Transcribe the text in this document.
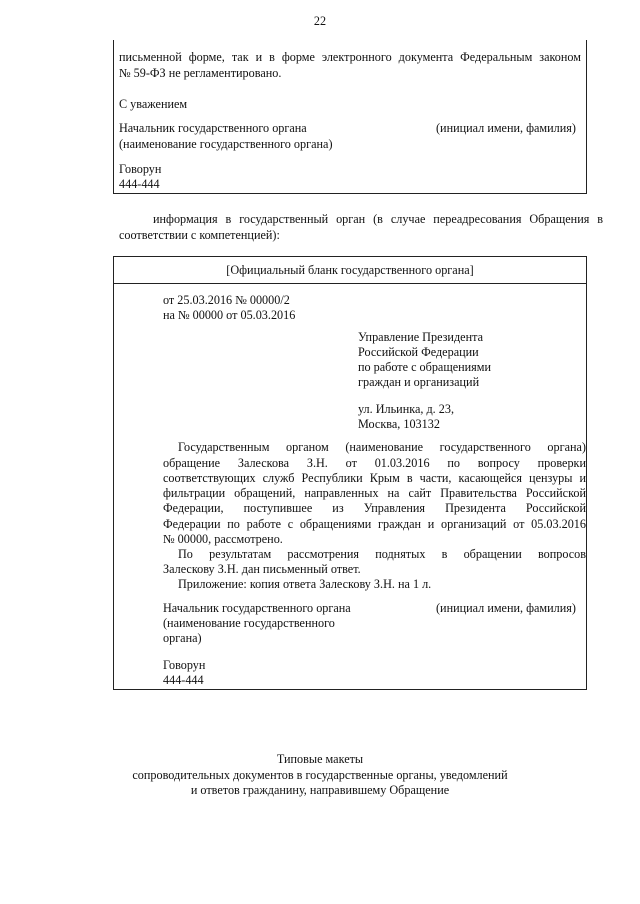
22
письменной форме, так и в форме электронного документа Федеральным законом
№ 59-ФЗ не регламентировано.
С уважением
Начальник государственного органа	(инициал имени, фамилия)
(наименование государственного органа)
Говорун
444-444
информация в государственный орган (в случае переадресования Обращения в
соответствии с компетенцией):
[Официальный бланк государственного органа]
от 25.03.2016 № 00000/2
на № 00000 от 05.03.2016
Управление Президента
Российской Федерации
по работе с обращениями
граждан и организаций
ул. Ильинка, д. 23,
Москва, 103132
Государственным органом (наименование государственного органа)
обращение Залескова З.Н. от 01.03.2016 по вопросу проверки
соответствующих служб Республики Крым в части, касающейся цензуры и
фильтрации обращений, направленных на сайт Правительства Российской
Федерации, поступившее из Управления Президента Российской
Федерации по работе с обращениями граждан и организаций от 05.03.2016
№ 00000, рассмотрено.
По результатам рассмотрения поднятых в обращении вопросов
Залескову З.Н. дан письменный ответ.
Приложение: копия ответа Залескову З.Н. на 1 л.
Начальник государственного органа	(инициал имени, фамилия)
(наименование государственного
органа)
Говорун
444-444
Типовые макеты
сопроводительных документов в государственные органы, уведомлений
и ответов гражданину, направившему Обращение
